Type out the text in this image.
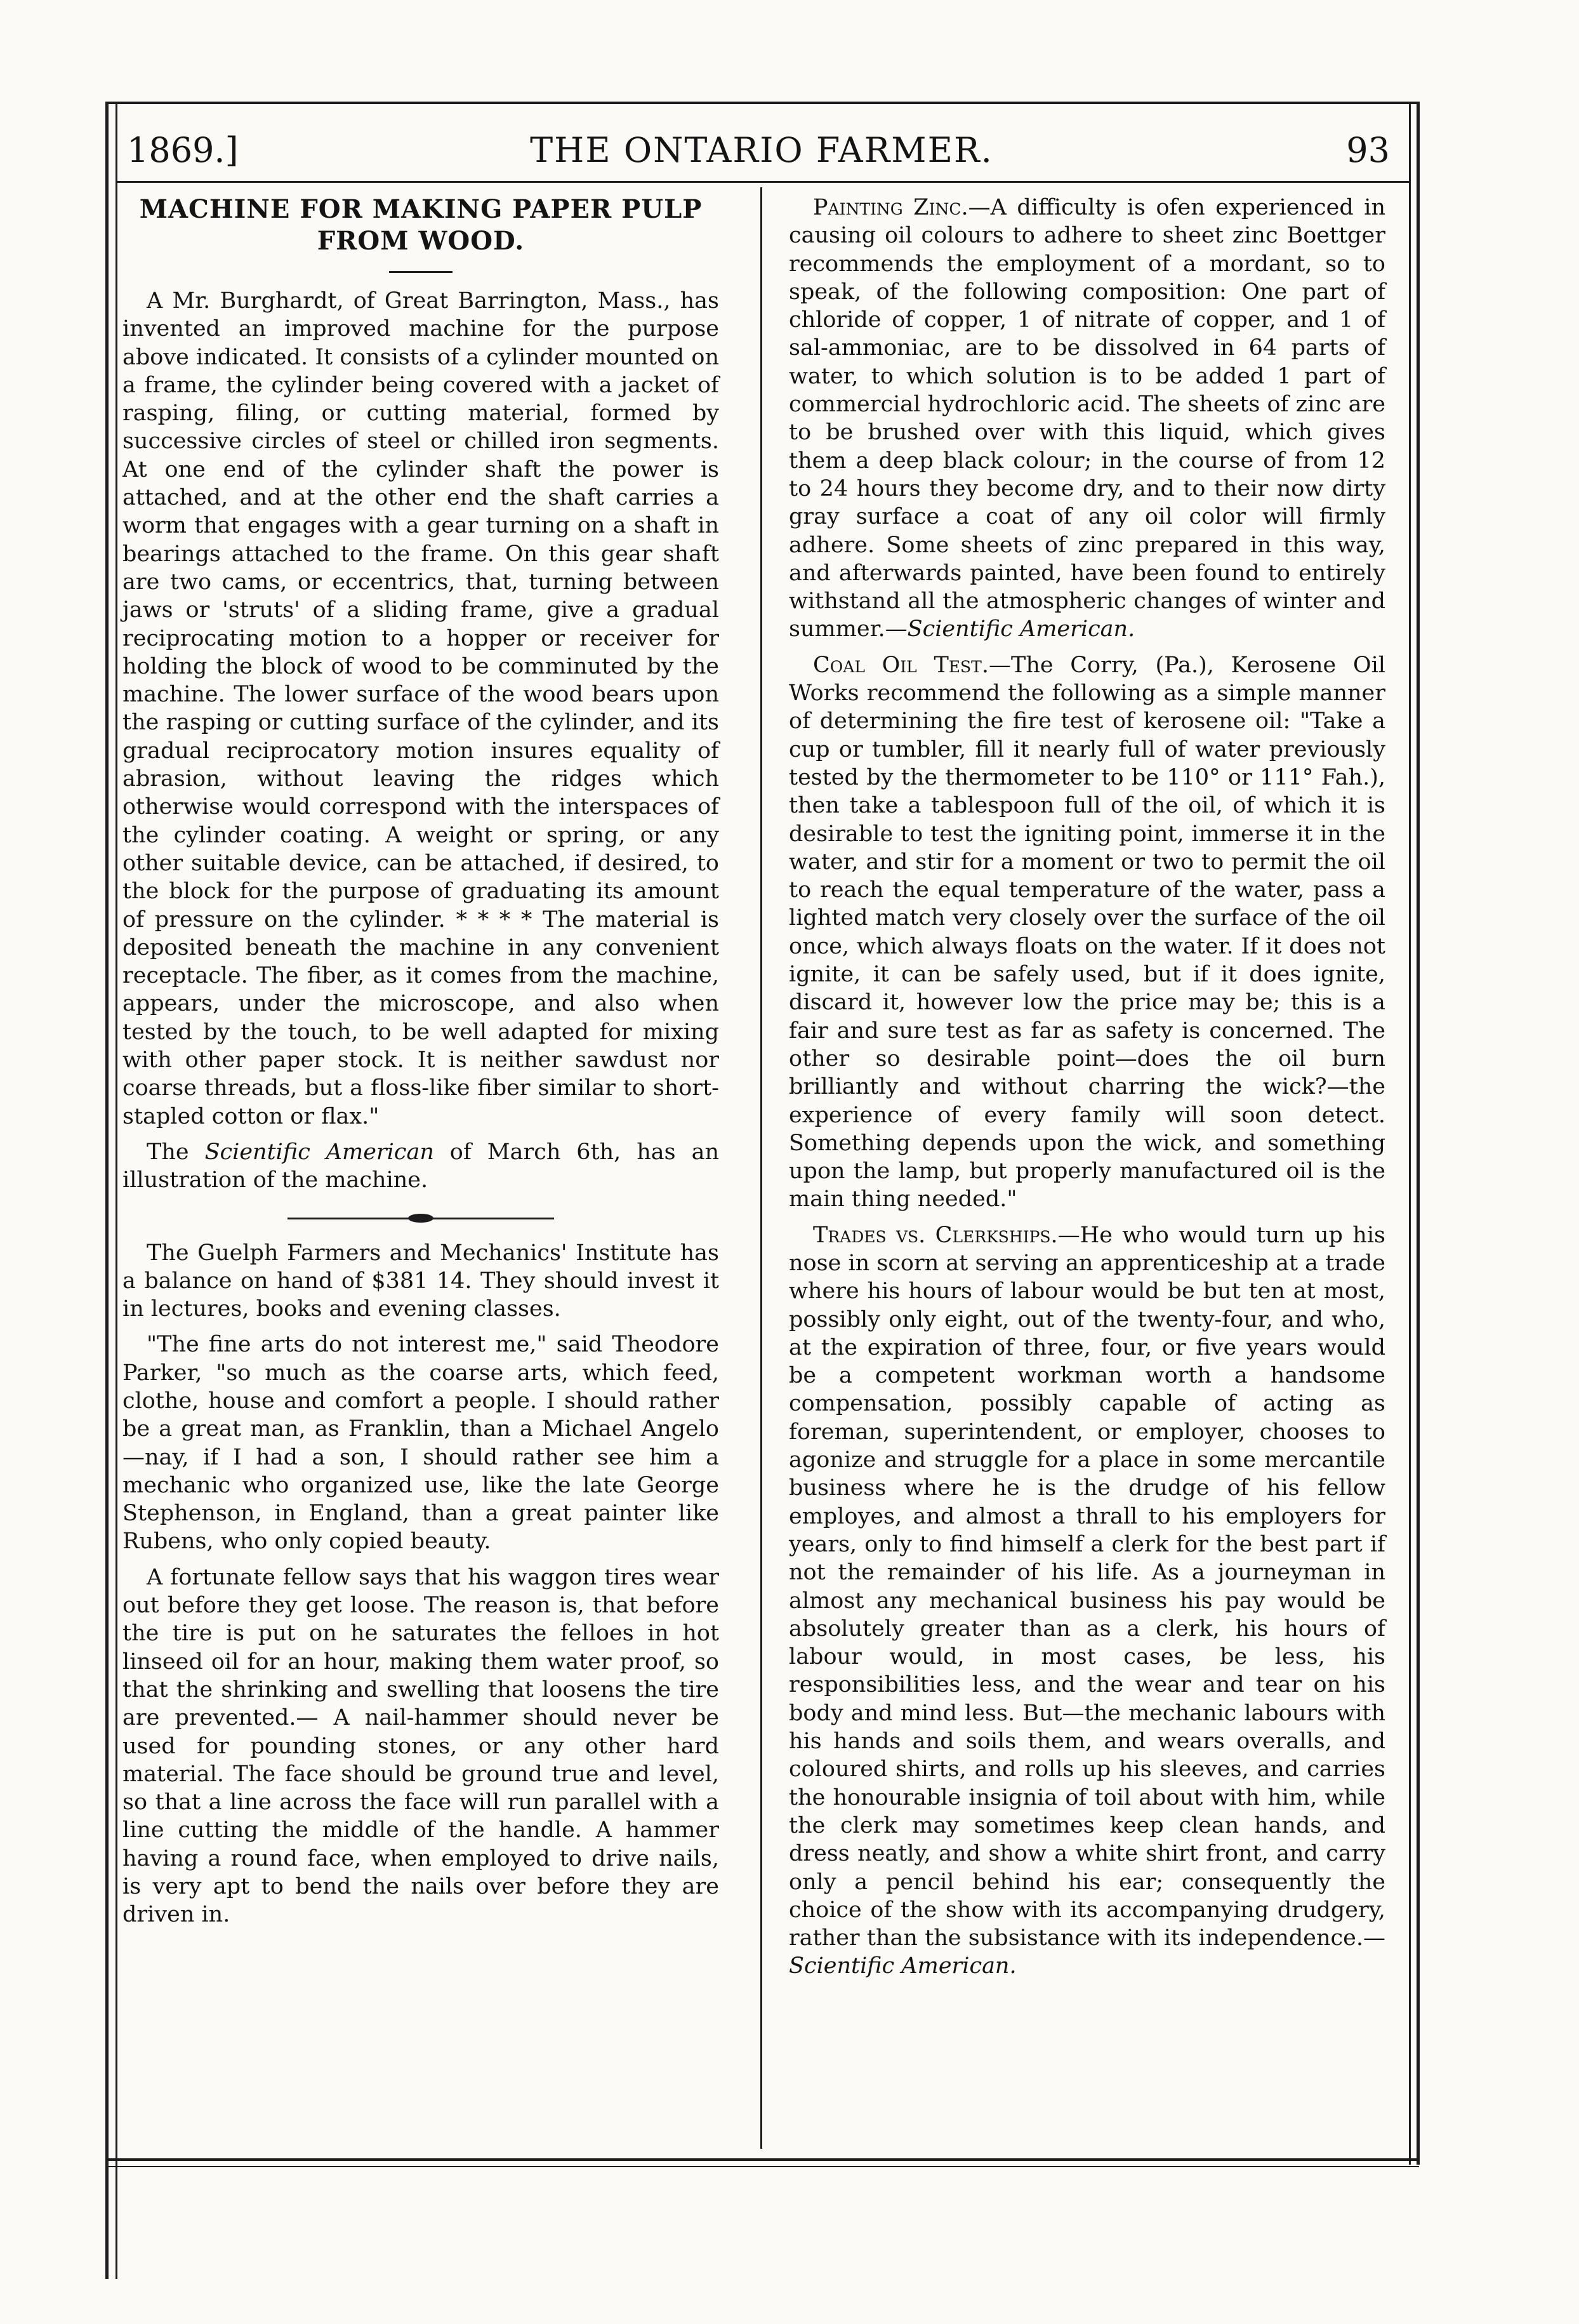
1869.]	THE ONTARIO FARMER.	93
MACHINE FOR MAKING PAPER PULP FROM WOOD.

A Mr. Burghardt, of Great Barrington, Mass., has invented an improved machine for the purpose above indicated. It consists of a cylinder mounted on a frame, the cylinder being covered with a jacket of rasping, filing, or cutting material, formed by successive circles of steel or chilled iron segments. At one end of the cylinder shaft the power is attached, and at the other end the shaft carries a worm that engages with a gear turning on a shaft in bearings attached to the frame. On this gear shaft are two cams, or eccentrics, that, turning between jaws or 'struts' of a sliding frame, give a gradual reciprocating motion to a hopper or receiver for holding the block of wood to be comminuted by the machine. The lower surface of the wood bears upon the rasping or cutting surface of the cylinder, and its gradual reciprocatory motion insures equality of abrasion, without leaving the ridges which otherwise would correspond with the interspaces of the cylinder coating. A weight or spring, or any other suitable device, can be attached, if desired, to the block for the purpose of graduating its amount of pressure on the cylinder. * * * * The material is deposited beneath the machine in any convenient receptacle. The fiber, as it comes from the machine, appears, under the microscope, and also when tested by the touch, to be well adapted for mixing with other paper stock. It is neither sawdust nor coarse threads, but a floss-like fiber similar to short-stapled cotton or flax."

The Scientific American of March 6th, has an illustration of the machine.

The Guelph Farmers and Mechanics' Institute has a balance on hand of $381 14. They should invest it in lectures, books and evening classes.

"The fine arts do not interest me," said Theodore Parker, "so much as the coarse arts, which feed, clothe, house and comfort a people. I should rather be a great man, as Franklin, than a Michael Angelo—nay, if I had a son, I should rather see him a mechanic who organized use, like the late George Stephenson, in England, than a great painter like Rubens, who only copied beauty.

A fortunate fellow says that his waggon tires wear out before they get loose. The reason is, that before the tire is put on he saturates the felloes in hot linseed oil for an hour, making them water proof, so that the shrinking and swelling that loosens the tire are prevented.— A nail-hammer should never be used for pounding stones, or any other hard material. The face should be ground true and level, so that a line across the face will run parallel with a line cutting the middle of the handle. A hammer having a round face, when employed to drive nails, is very apt to bend the nails over before they are driven in.

Painting Zinc.—A difficulty is ofen experienced in causing oil colours to adhere to sheet zinc Boettger recommends the employment of a mordant, so to speak, of the following composition: One part of chloride of copper, 1 of nitrate of copper, and 1 of sal-ammoniac, are to be dissolved in 64 parts of water, to which solution is to be added 1 part of commercial hydrochloric acid. The sheets of zinc are to be brushed over with this liquid, which gives them a deep black colour; in the course of from 12 to 24 hours they become dry, and to their now dirty gray surface a coat of any oil color will firmly adhere. Some sheets of zinc prepared in this way, and afterwards painted, have been found to entirely withstand all the atmospheric changes of winter and summer.—Scientific American.

Coal Oil Test.—The Corry, (Pa.), Kerosene Oil Works recommend the following as a simple manner of determining the fire test of kerosene oil: "Take a cup or tumbler, fill it nearly full of water previously tested by the thermometer to be 110° or 111° Fah.), then take a tablespoon full of the oil, of which it is desirable to test the igniting point, immerse it in the water, and stir for a moment or two to permit the oil to reach the equal temperature of the water, pass a lighted match very closely over the surface of the oil once, which always floats on the water. If it does not ignite, it can be safely used, but if it does ignite, discard it, however low the price may be; this is a fair and sure test as far as safety is concerned. The other so desirable point—does the oil burn brilliantly and without charring the wick?—the experience of every family will soon detect. Something depends upon the wick, and something upon the lamp, but properly manufactured oil is the main thing needed."

Trades vs. Clerkships.—He who would turn up his nose in scorn at serving an apprenticeship at a trade where his hours of labour would be but ten at most, possibly only eight, out of the twenty-four, and who, at the expiration of three, four, or five years would be a competent workman worth a handsome compensation, possibly capable of acting as foreman, superintendent, or employer, chooses to agonize and struggle for a place in some mercantile business where he is the drudge of his fellow employes, and almost a thrall to his employers for years, only to find himself a clerk for the best part if not the remainder of his life. As a journeyman in almost any mechanical business his pay would be absolutely greater than as a clerk, his hours of labour would, in most cases, be less, his responsibilities less, and the wear and tear on his body and mind less. But—the mechanic labours with his hands and soils them, and wears overalls, and coloured shirts, and rolls up his sleeves, and carries the honourable insignia of toil about with him, while the clerk may sometimes keep clean hands, and dress neatly, and show a white shirt front, and carry only a pencil behind his ear; consequently the choice of the show with its accompanying drudgery, rather than the subsistance with its independence.—Scientific American.
